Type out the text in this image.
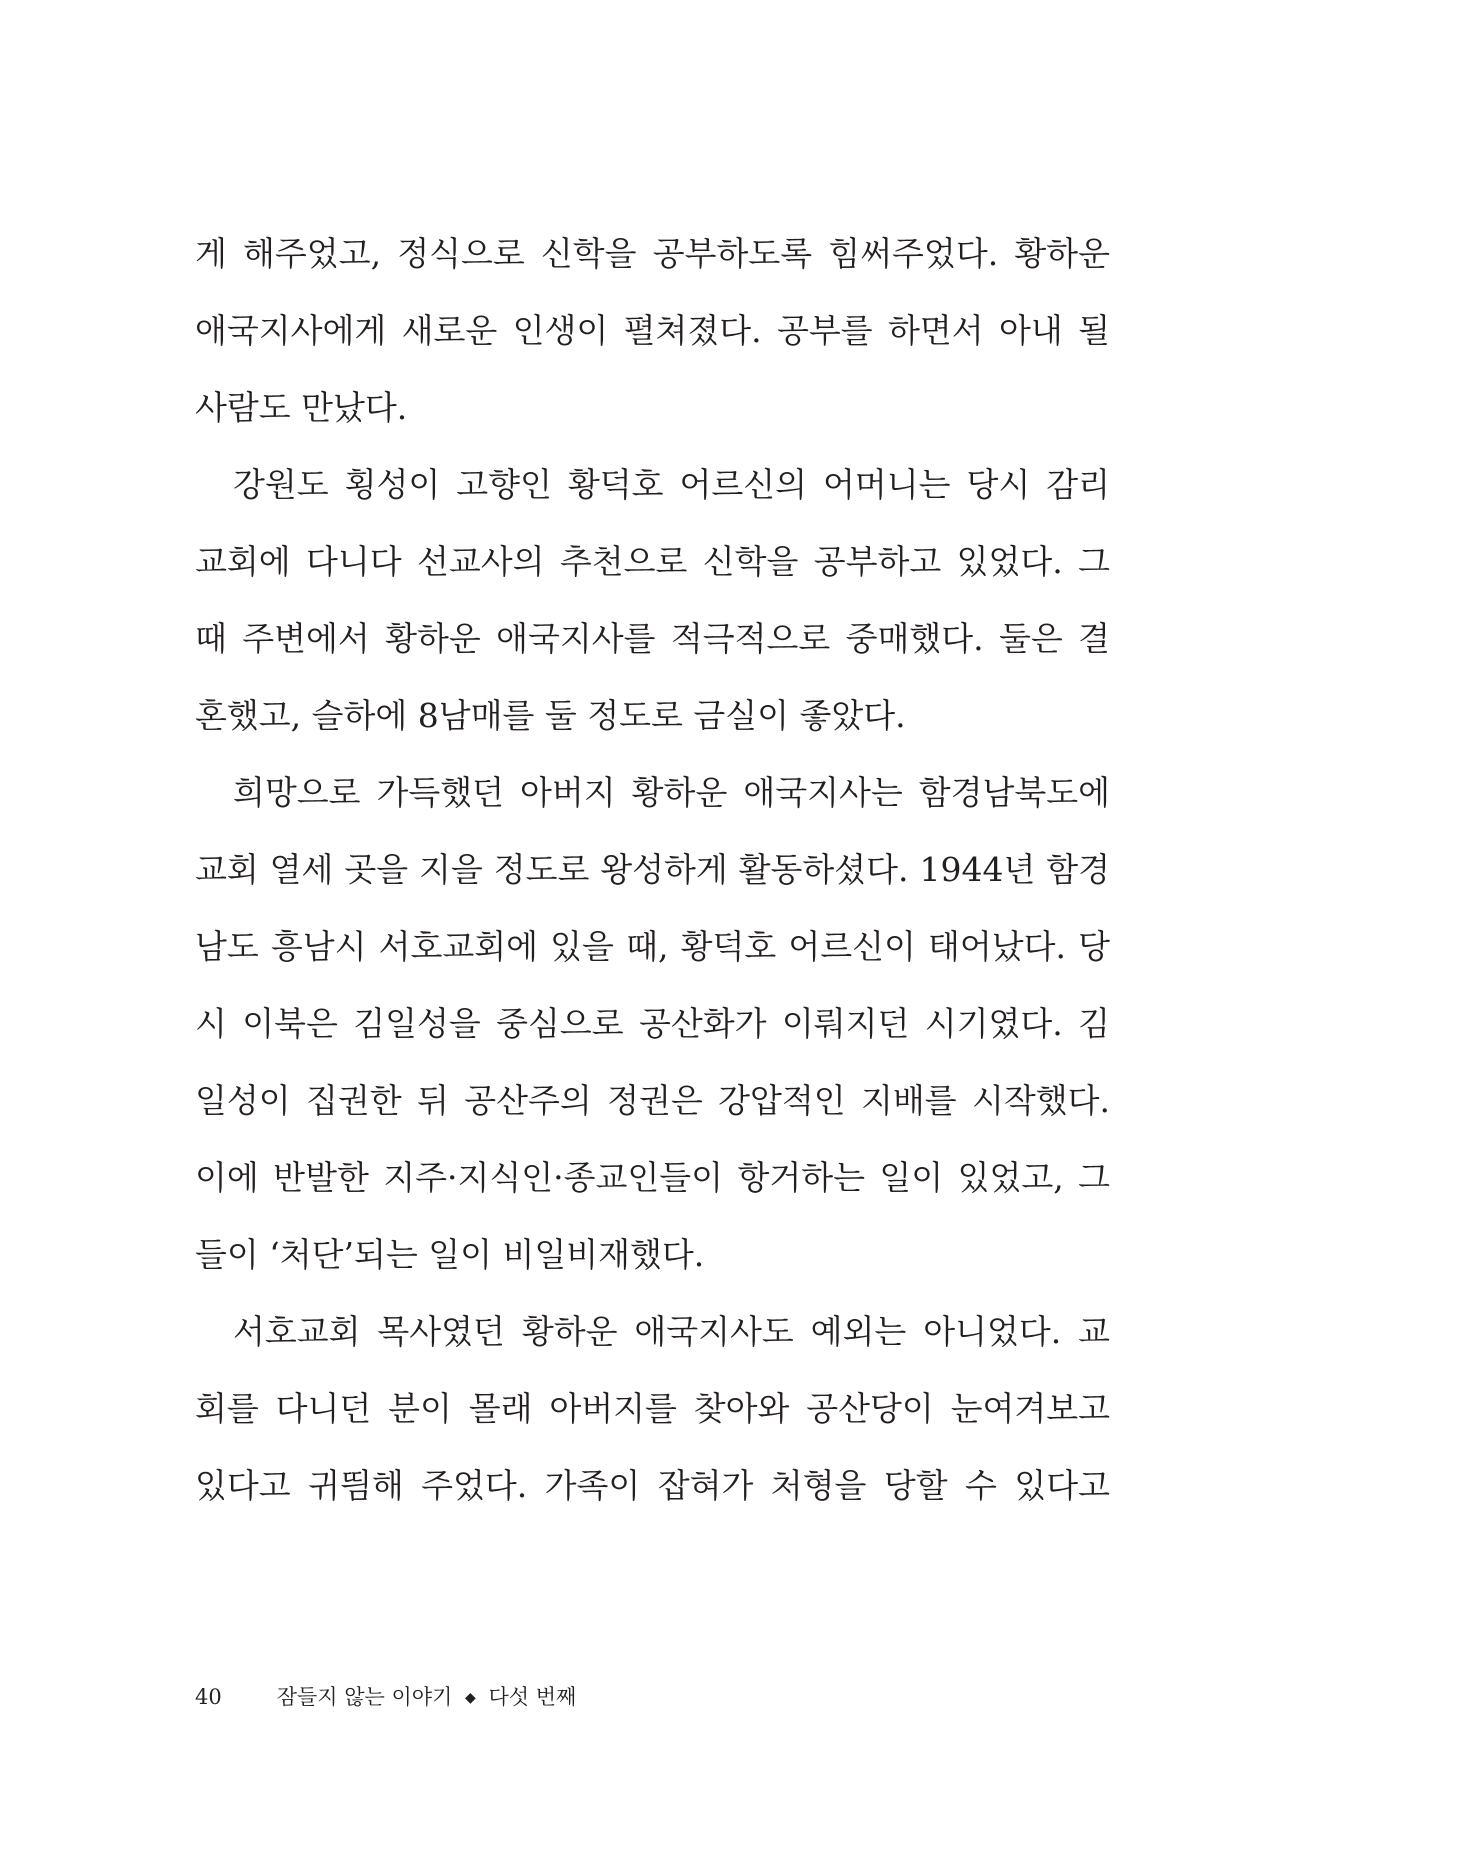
게 해주었고, 정식으로 신학을 공부하도록 힘써주었다. 황하운
애국지사에게 새로운 인생이 펼쳐졌다. 공부를 하면서 아내 될
사람도 만났다.
강원도 횡성이 고향인 황덕호 어르신의 어머니는 당시 감리
교회에 다니다 선교사의 추천으로 신학을 공부하고 있었다. 그
때 주변에서 황하운 애국지사를 적극적으로 중매했다. 둘은 결
혼했고, 슬하에 8남매를 둘 정도로 금실이 좋았다.
희망으로 가득했던 아버지 황하운 애국지사는 함경남북도에
교회 열세 곳을 지을 정도로 왕성하게 활동하셨다. 1944년 함경
남도 흥남시 서호교회에 있을 때, 황덕호 어르신이 태어났다. 당
시 이북은 김일성을 중심으로 공산화가 이뤄지던 시기였다. 김
일성이 집권한 뒤 공산주의 정권은 강압적인 지배를 시작했다.
이에 반발한 지주·지식인·종교인들이 항거하는 일이 있었고, 그
들이 ‘처단’되는 일이 비일비재했다.
서호교회 목사였던 황하운 애국지사도 예외는 아니었다. 교
회를 다니던 분이 몰래 아버지를 찾아와 공산당이 눈여겨보고
있다고 귀띔해 주었다. 가족이 잡혀가 처형을 당할 수 있다고
40	잠들지 않는 이야기 ◆ 다섯 번째
